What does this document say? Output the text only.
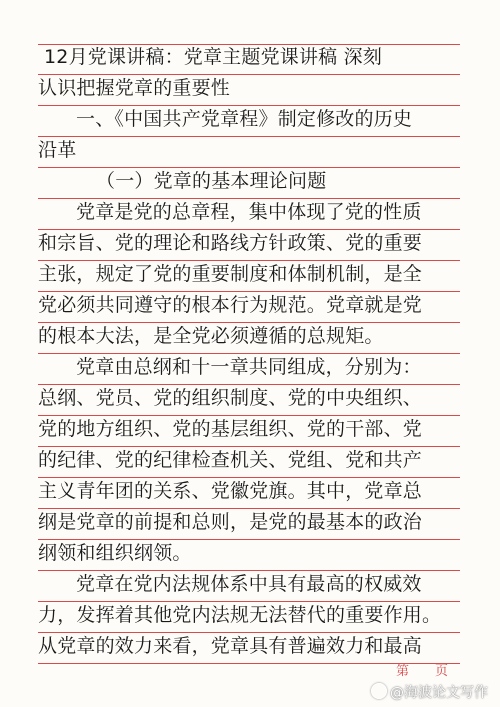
12月党课讲稿：党章主题党课讲稿 深刻
认识把握党章的重要性
一、《中国共产党章程》制定修改的历史
沿革
（一）党章的基本理论问题
党章是党的总章程，集中体现了党的性质
和宗旨、党的理论和路线方针政策、党的重要
主张，规定了党的重要制度和体制机制，是全
党必须共同遵守的根本行为规范。党章就是党
的根本大法，是全党必须遵循的总规矩。
党章由总纲和十一章共同组成，分别为：
总纲、党员、党的组织制度、党的中央组织、
党的地方组织、党的基层组织、党的干部、党
的纪律、党的纪律检查机关、党组、党和共产
主义青年团的关系、党徽党旗。其中，党章总
纲是党章的前提和总则，是党的最基本的政治
纲领和组织纲领。
党章在党内法规体系中具有最高的权威效
力，发挥着其他党内法规无法替代的重要作用。
从党章的效力来看，党章具有普遍效力和最高
第 页
@海波论文写作
